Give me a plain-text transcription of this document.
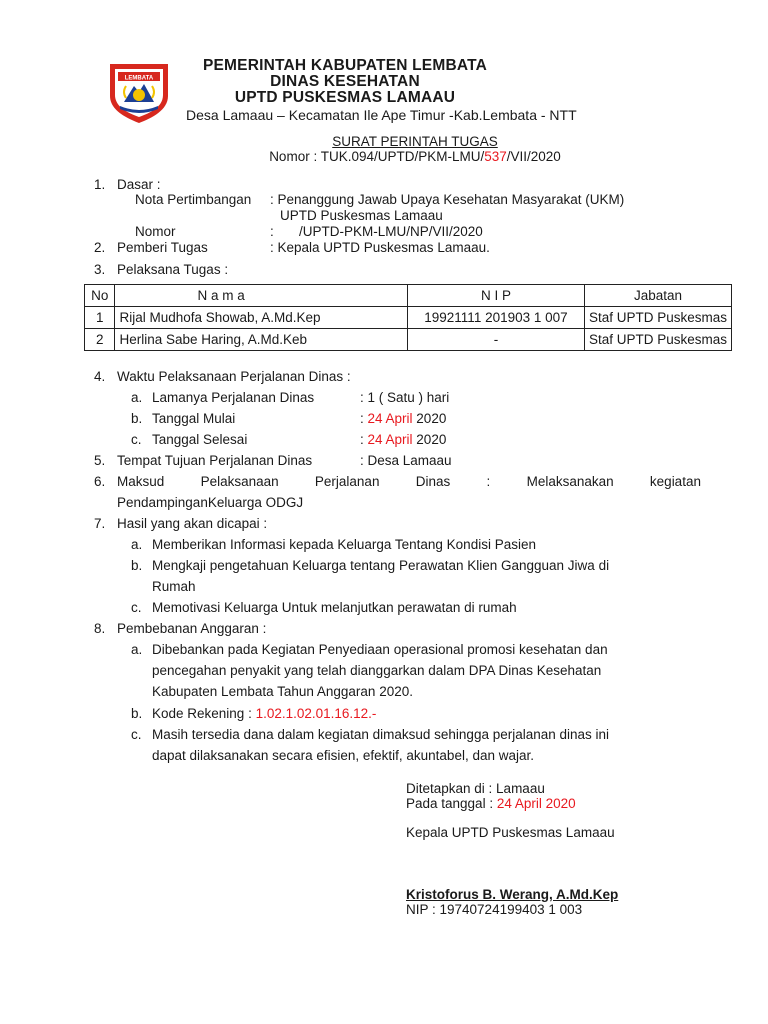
LEMBATA
PEMERINTAH KABUPATEN LEMBATA
DINAS KESEHATAN
UPTD PUSKESMAS LAMAAU
Desa Lamaau – Kecamatan Ile Ape Timur -Kab.Lembata - NTT
SURAT PERINTAH TUGAS
Nomor : TUK.094/UPTD/PKM-LMU/537/VII/2020
1. Dasar :
Nota Pertimbangan : Penanggung Jawab Upaya Kesehatan Masyarakat (UKM)
UPTD Puskesmas Lamaau
Nomor	: /UPTD-PKM-LMU/NP/VII/2020
2. Pemberi Tugas	: Kepala UPTD Puskesmas Lamaau.
3. Pelaksana Tugas :
No	N a m a	N I P	Jabatan
1	Rijal Mudhofa Showab, A.Md.Kep	19921111 201903 1 007	Staf UPTD Puskesmas
2	Herlina Sabe Haring, A.Md.Keb	-	Staf UPTD Puskesmas
4. Waktu Pelaksanaan Perjalanan Dinas :
a. Lamanya Perjalanan Dinas	: 1 ( Satu ) hari
b. Tanggal Mulai	: 24 April 2020
c. Tanggal Selesai	: 24 April 2020
5. Tempat Tujuan Perjalanan Dinas	: Desa Lamaau
6. Maksud	Pelaksanaan	Perjalanan	Dinas	:	Melaksanakan	kegiatan
PendampinganKeluarga ODGJ
7. Hasil yang akan dicapai :
a. Memberikan Informasi kepada Keluarga Tentang Kondisi Pasien
b. Mengkaji pengetahuan Keluarga tentang Perawatan Klien Gangguan Jiwa di
Rumah
c. Memotivasi Keluarga Untuk melanjutkan perawatan di rumah
8. Pembebanan Anggaran :
a. Dibebankan pada Kegiatan Penyediaan operasional promosi kesehatan dan
pencegahan penyakit yang telah dianggarkan dalam DPA Dinas Kesehatan
Kabupaten Lembata Tahun Anggaran 2020.
b. Kode Rekening : 1.02.1.02.01.16.12.-
c. Masih tersedia dana dalam kegiatan dimaksud sehingga perjalanan dinas ini
dapat dilaksanakan secara efisien, efektif, akuntabel, dan wajar.
Ditetapkan di : Lamaau
Pada tanggal : 24 April 2020
Kepala UPTD Puskesmas Lamaau
Kristoforus B. Werang, A.Md.Kep
NIP : 19740724199403 1 003
